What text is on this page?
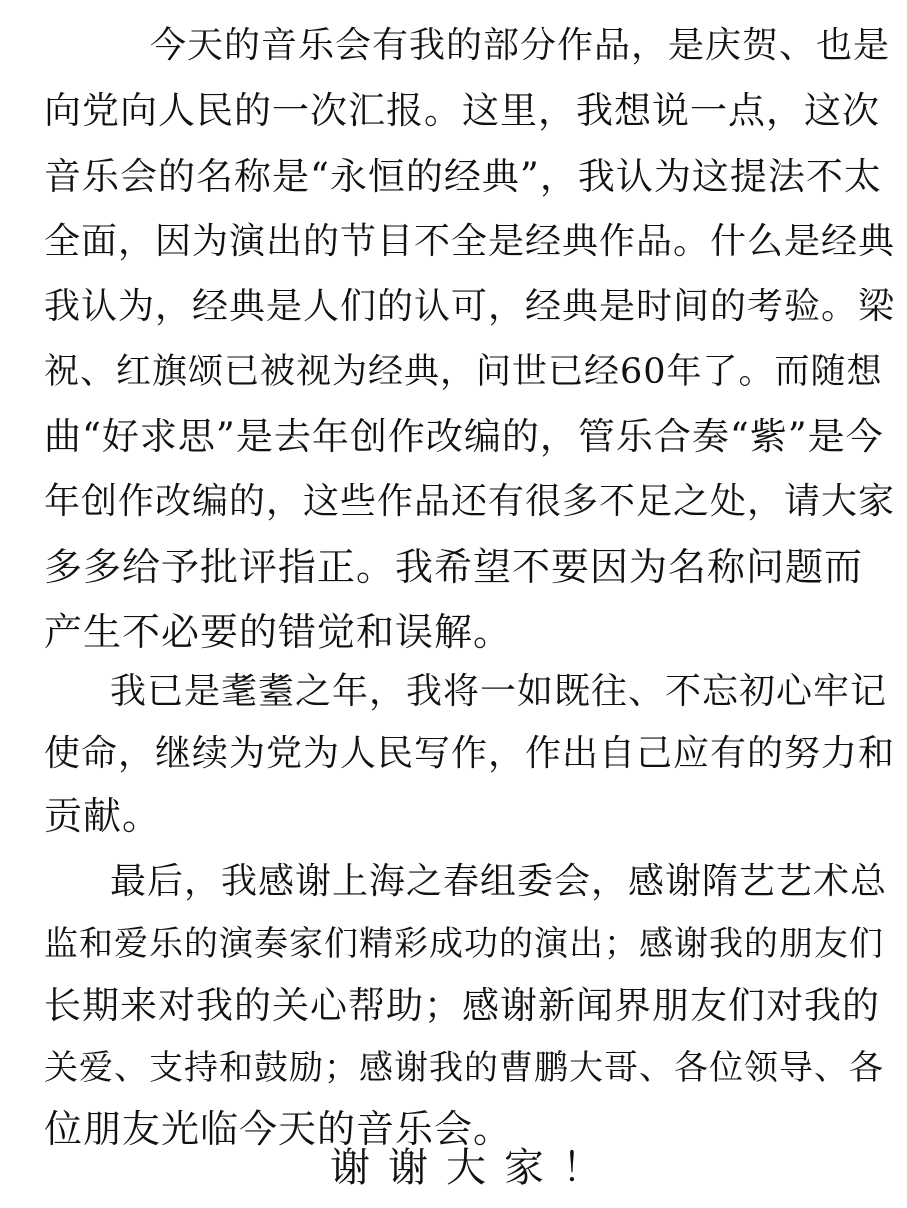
今天的音乐会有我的部分作品，是庆贺、也是
向党向人民的一次汇报。这里，我想说一点，这次
音乐会的名称是“永恒的经典”，我认为这提法不太
全面，因为演出的节目不全是经典作品。什么是经典
我认为，经典是人们的认可，经典是时间的考验。梁
祝、红旗颂已被视为经典，问世已经60年了。而随想
曲“好求思”是去年创作改编的，管乐合奏“紫”是今
年创作改编的，这些作品还有很多不足之处，请大家
多多给予批评指正。我希望不要因为名称问题而
产生不必要的错觉和误解。
我已是耄耋之年，我将一如既往、不忘初心牢记
使命，继续为党为人民写作，作出自己应有的努力和
贡献。
最后，我感谢上海之春组委会，感谢隋艺艺术总
监和爱乐的演奏家们精彩成功的演出；感谢我的朋友们
长期来对我的关心帮助；感谢新闻界朋友们对我的
关爱、支持和鼓励；感谢我的曹鹏大哥、各位领导、各
位朋友光临今天的音乐会。
谢谢大家！
